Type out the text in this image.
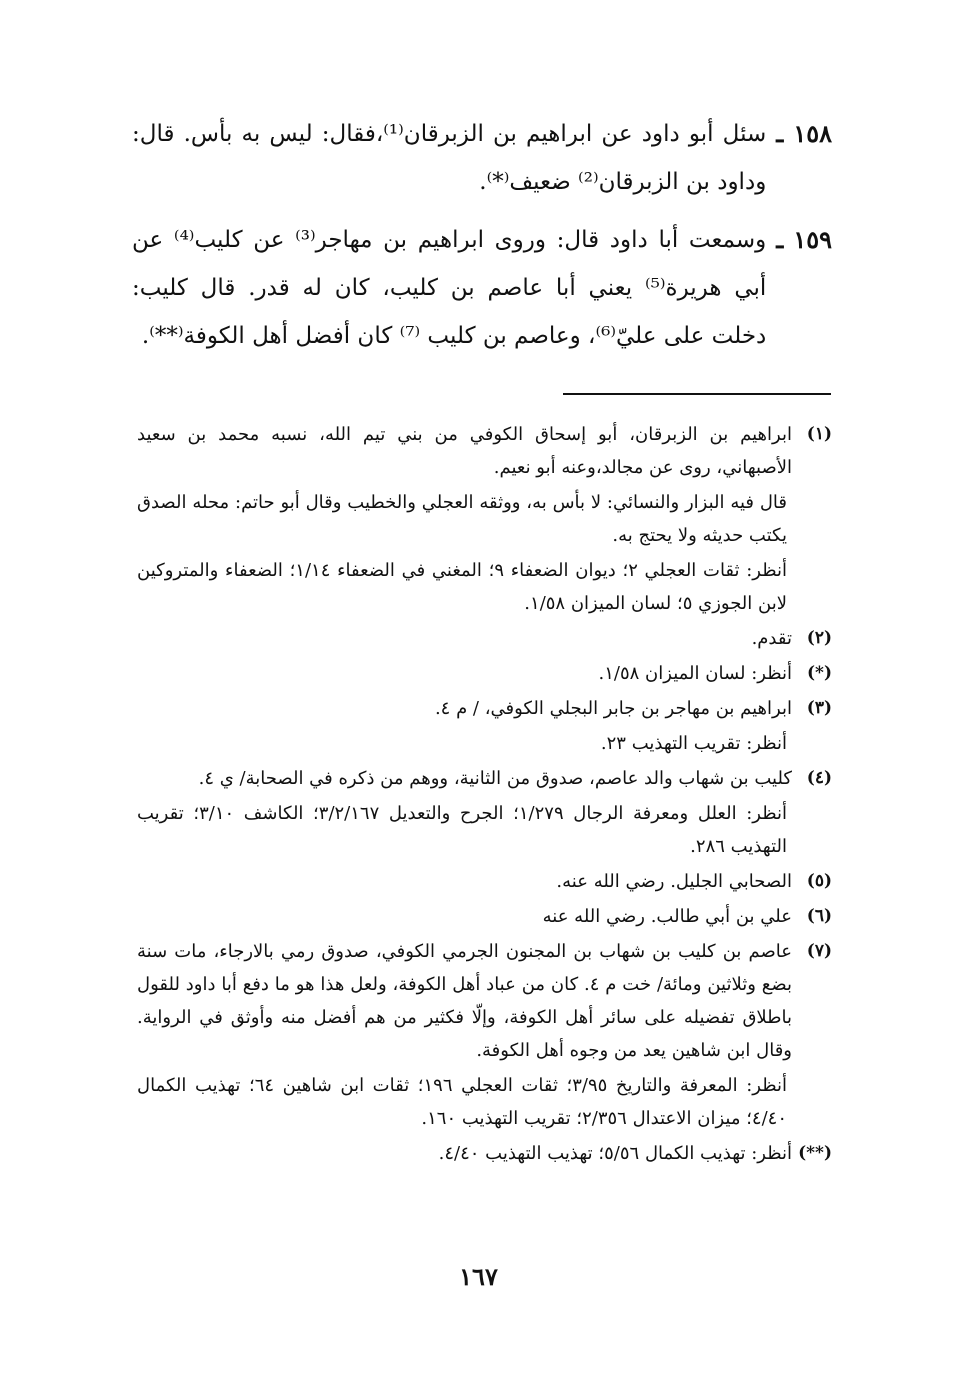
١٥٨
ـ
سئل أبو داود عن ابراهيم بن الزبرقان⁽¹⁾،فقال: ليس به بأس. قال: وداود بن الزبرقان⁽²⁾ ضعيف⁽*⁾.
١٥٩
ـ
وسمعت أبا داود قال: وروى ابراهيم بن مهاجر⁽³⁾ عن كليب⁽⁴⁾ عن أبي هريرة⁽⁵⁾ يعني أبا عاصم بن كليب، كان له قدر. قال كليب: دخلت على عليّ⁽⁶⁾، وعاصم بن كليب ⁽⁷⁾ كان أفضل أهل الكوفة⁽**⁾.
(١)
ابراهيم بن الزبرقان، أبو إسحاق الكوفي من بني تيم الله، نسبه محمد بن سعيد الأصبهاني، روى عن مجالد،وعنه أبو نعيم.
قال فيه البزار والنسائي: لا بأس به، ووثقه العجلي والخطيب وقال أبو حاتم: محله الصدق يكتب حديثه ولا يحتج به.
أنظر: ثقات العجلي ٢؛ ديوان الضعفاء ٩؛ المغني في الضعفاء ١/١٤؛ الضعفاء والمتروكين لابن الجوزي ٥؛ لسان الميزان ١/٥٨.
(٢)
تقدم.
(*)
أنظر: لسان الميزان ١/٥٨.
(٣)
ابراهيم بن مهاجر بن جابر البجلي الكوفي، / م ٤.
أنظر: تقريب التهذيب ٢٣.
(٤)
كليب بن شهاب والد عاصم، صدوق من الثانية، ووهم من ذكره في الصحابة/ ي ٤.
أنظر: العلل ومعرفة الرجال ١/٢٧٩؛ الجرح والتعديل ٣/٢/١٦٧؛ الكاشف ٣/١٠؛ تقريب التهذيب ٢٨٦.
(٥)
الصحابي الجليل. رضي الله عنه.
(٦)
علي بن أبي طالب. رضي الله عنه
(٧)
عاصم بن كليب بن شهاب بن المجنون الجرمي الكوفي، صدوق رمي بالارجاء، مات سنة بضع وثلاثين ومائة/ خت م ٤. كان من عباد أهل الكوفة، ولعل هذا هو ما دفع أبا داود للقول باطلاق تفضيله على سائر أهل الكوفة، وإلّا فكثير من هم أفضل منه وأوثق في الرواية. وقال ابن شاهين يعد من وجوه أهل الكوفة.
أنظر: المعرفة والتاريخ ٣/٩٥؛ ثقات العجلي ١٩٦؛ ثقات ابن شاهين ٦٤؛ تهذيب الكمال ٤/٤٠؛ ميزان الاعتدال ٢/٣٥٦؛ تقريب التهذيب ١٦٠.
(**)
أنظر: تهذيب الكمال ٥/٥٦؛ تهذيب التهذيب ٤/٤٠.
١٦٧
